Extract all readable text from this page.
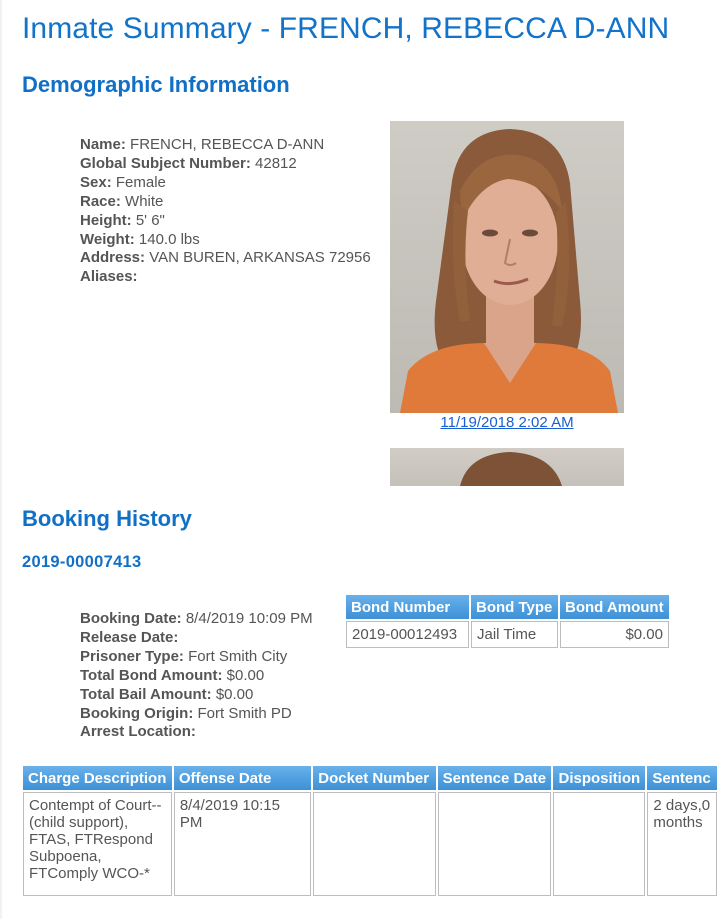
Inmate Summary - FRENCH, REBECCA D-ANN
Demographic Information
Name: FRENCH, REBECCA D-ANN
Global Subject Number: 42812
Sex: Female
Race: White
Height: 5' 6"
Weight: 140.0 lbs
Address: VAN BUREN, ARKANSAS 72956
Aliases:
11/19/2018 2:02 AM
Booking History
2019-00007413
Booking Date: 8/4/2019 10:09 PM
Release Date:
Prisoner Type: Fort Smith City
Total Bond Amount: $0.00
Total Bail Amount: $0.00
Booking Origin: Fort Smith PD
Arrest Location:
Bond Number	Bond Type	Bond Amount
2019-00012493	Jail Time	$0.00
Charge Description	Offense Date	Docket Number	Sentence Date	Disposition	Sentenc
Contempt of Court--(child support), FTAS, FTRespond Subpoena, FTComply WCO-*	8/4/2019 10:15 PM				2 days,0 months
